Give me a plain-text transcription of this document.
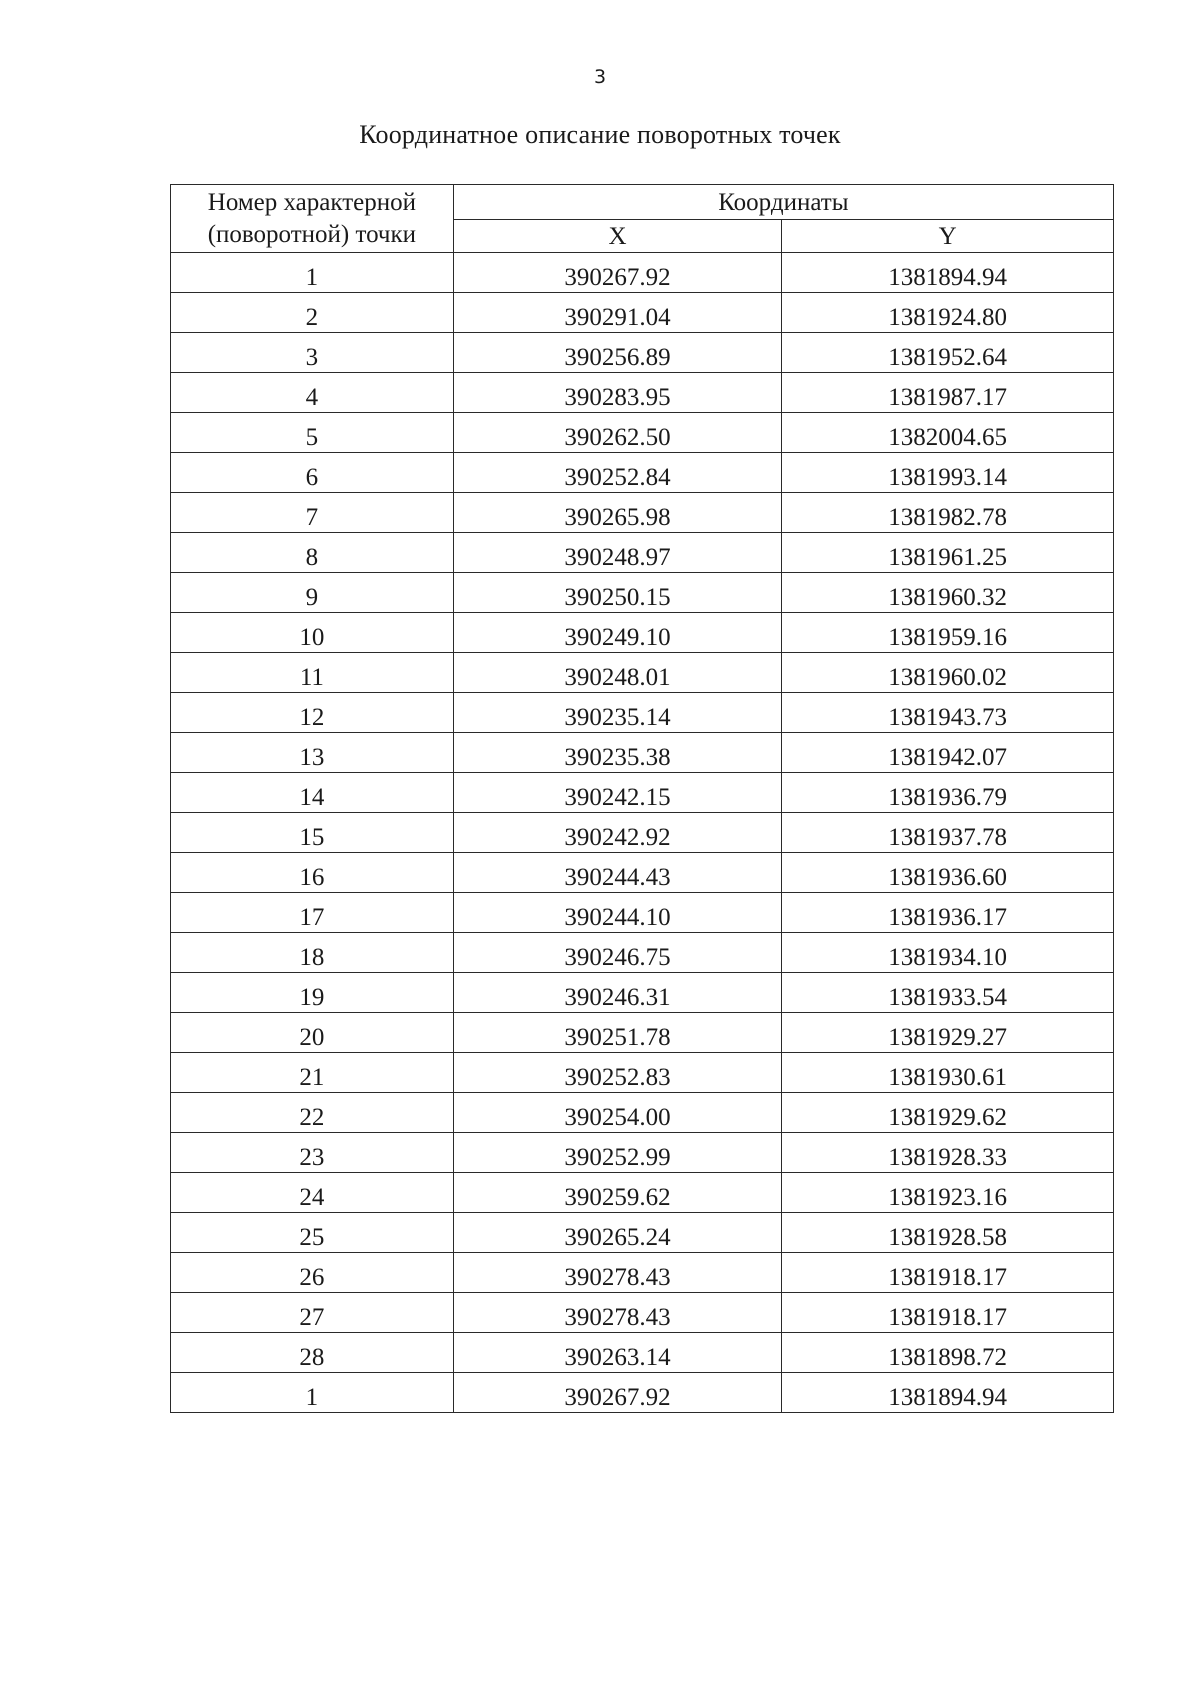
3
Координатное описание поворотных точек
Номер характерной
(поворотной) точки	Координаты	
	X	Y
1	390267.92	1381894.94
2	390291.04	1381924.80
3	390256.89	1381952.64
4	390283.95	1381987.17
5	390262.50	1382004.65
6	390252.84	1381993.14
7	390265.98	1381982.78
8	390248.97	1381961.25
9	390250.15	1381960.32
10	390249.10	1381959.16
11	390248.01	1381960.02
12	390235.14	1381943.73
13	390235.38	1381942.07
14	390242.15	1381936.79
15	390242.92	1381937.78
16	390244.43	1381936.60
17	390244.10	1381936.17
18	390246.75	1381934.10
19	390246.31	1381933.54
20	390251.78	1381929.27
21	390252.83	1381930.61
22	390254.00	1381929.62
23	390252.99	1381928.33
24	390259.62	1381923.16
25	390265.24	1381928.58
26	390278.43	1381918.17
27	390278.43	1381918.17
28	390263.14	1381898.72
1	390267.92	1381894.94
